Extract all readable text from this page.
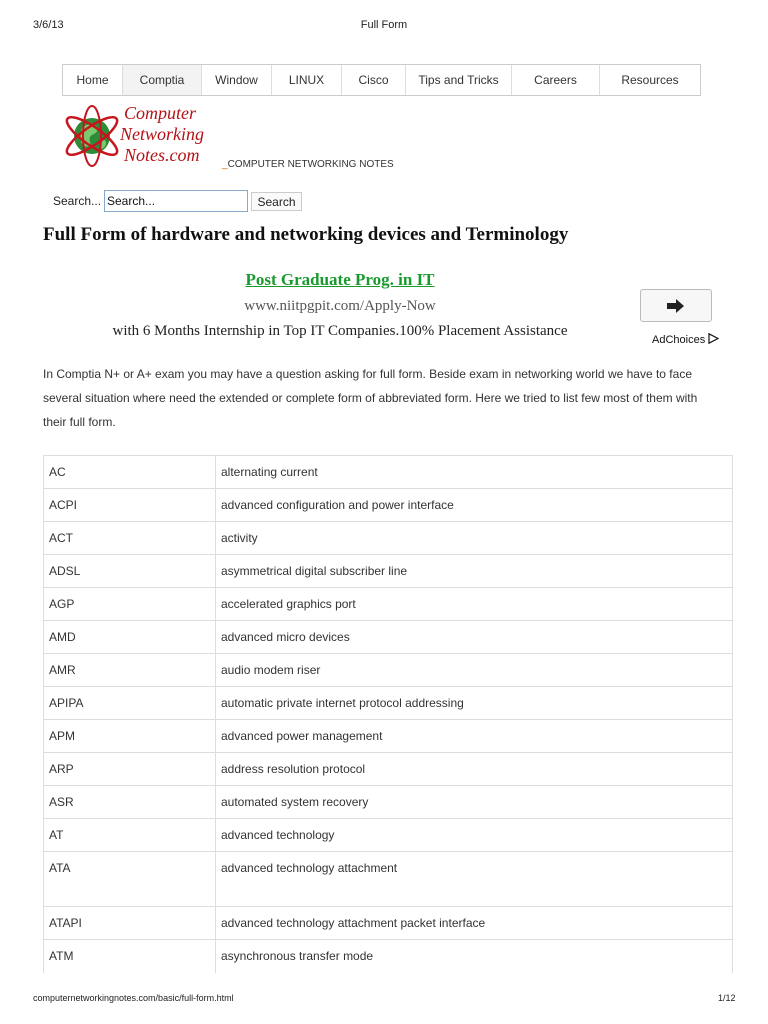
3/6/13	Full Form
Home	Comptia	Window	LINUX	Cisco	Tips and Tricks	Careers	Resources
Computer
Networking
Notes.com	_COMPUTER NETWORKING NOTES
Search...
Search...	Search
Full Form of hardware and networking devices and Terminology
Post Graduate Prog. in IT
www.niitpgpit.com/Apply-Now
with 6 Months Internship in Top IT Companies.100% Placement Assistance
AdChoices

In Comptia N+ or A+ exam you may have a question asking for full form. Beside exam in networking world we have to face several situation where need the extended or complete form of abbreviated form. Here we tried to list few most of them with their full form.

AC	alternating current
ACPI	advanced configuration and power interface
ACT	activity
ADSL	asymmetrical digital subscriber line
AGP	accelerated graphics port
AMD	advanced micro devices
AMR	audio modem riser
APIPA	automatic private internet protocol addressing
APM	advanced power management
ARP	address resolution protocol
ASR	automated system recovery
AT	advanced technology
ATA	advanced technology attachment
ATAPI	advanced technology attachment packet interface
ATM	asynchronous transfer mode
computernetworkingnotes.com/basic/full-form.html	1/12
